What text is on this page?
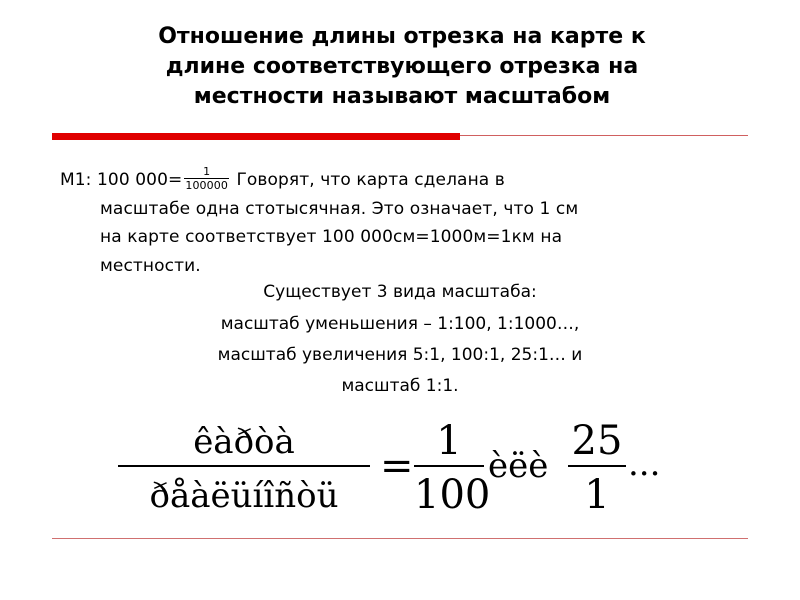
Отношение длины отрезка на карте к
длине соответствующего отрезка на
местности называют масштабом
М1: 100 $000= \frac{1}{100000}$ Говорят, что карта сделана в
масштабе одна стотысячная. Это означает, что 1 см
на карте соответствует 100 000см=1000м=1км на
местности.
Существует 3 вида масштаба:
масштаб уменьшения – 1:100, 1:1000…,
масштаб увеличения 5:1, 100:1, 25:1… и
масштаб 1:1.
êàðòà
ðåàëüíîñòü
=
1
100
èëè
25
1
...
